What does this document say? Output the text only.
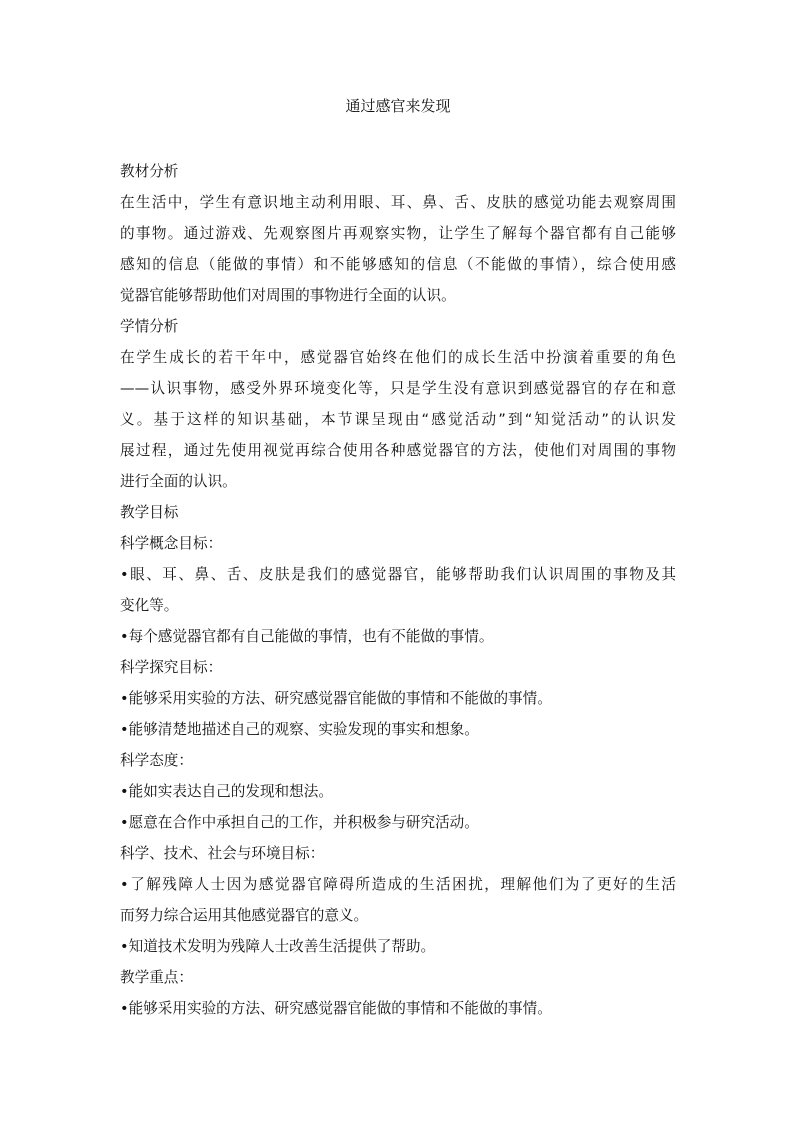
通过感官来发现
教材分析
在生活中，学生有意识地主动利用眼、耳、鼻、舌、皮肤的感觉功能去观察周围
的事物。通过游戏、先观察图片再观察实物，让学生了解每个器官都有自己能够
感知的信息（能做的事情）和不能够感知的信息（不能做的事情），综合使用感
觉器官能够帮助他们对周围的事物进行全面的认识。
学情分析
在学生成长的若干年中，感觉器官始终在他们的成长生活中扮演着重要的角色
——认识事物，感受外界环境变化等，只是学生没有意识到感觉器官的存在和意
义。基于这样的知识基础，本节课呈现由“感觉活动”到“知觉活动”的认识发
展过程，通过先使用视觉再综合使用各种感觉器官的方法，使他们对周围的事物
进行全面的认识。
教学目标
科学概念目标：
•眼、耳、鼻、舌、皮肤是我们的感觉器官，能够帮助我们认识周围的事物及其
变化等。
•每个感觉器官都有自己能做的事情，也有不能做的事情。
科学探究目标：
•能够采用实验的方法、研究感觉器官能做的事情和不能做的事情。
•能够清楚地描述自己的观察、实验发现的事实和想象。
科学态度：
•能如实表达自己的发现和想法。
•愿意在合作中承担自己的工作，并积极参与研究活动。
科学、技术、社会与环境目标：
•了解残障人士因为感觉器官障碍所造成的生活困扰，理解他们为了更好的生活
而努力综合运用其他感觉器官的意义。
•知道技术发明为残障人士改善生活提供了帮助。
教学重点：
•能够采用实验的方法、研究感觉器官能做的事情和不能做的事情。
